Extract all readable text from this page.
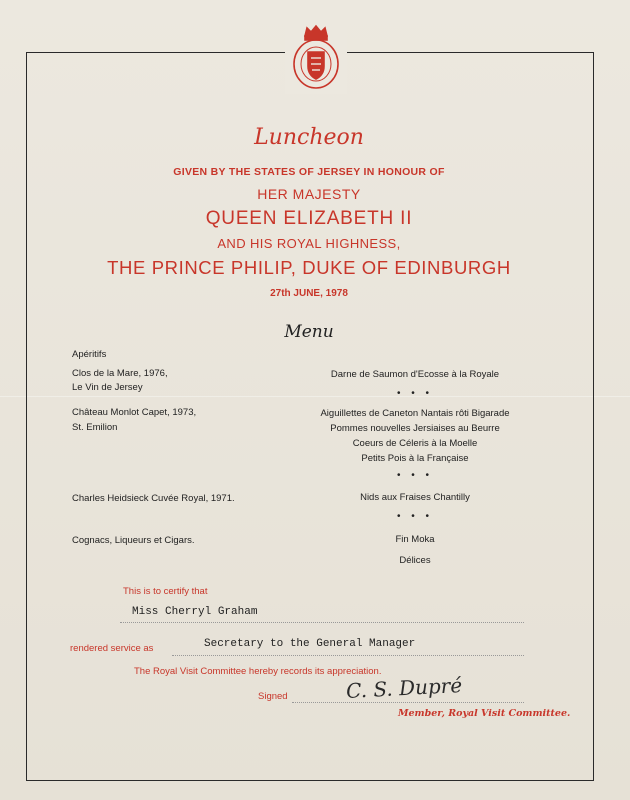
Luncheon
GIVEN BY THE STATES OF JERSEY IN HONOUR OF
HER MAJESTY
QUEEN ELIZABETH II
AND HIS ROYAL HIGHNESS,
THE PRINCE PHILIP, DUKE OF EDINBURGH
27th JUNE, 1978
Menu
Apéritifs
Clos de la Mare, 1976,
Le Vin de Jersey
Château Monlot Capet, 1973,
St. Emilion
Charles Heidsieck Cuvée Royal, 1971.
Cognacs, Liqueurs et Cigars.
Darne de Saumon d'Ecosse à la Royale
• • •
Aiguillettes de Caneton Nantais rôti Bigarade
Pommes nouvelles Jersiaises au Beurre
Coeurs de Céleris à la Moelle
Petits Pois à la Française
• • •
Nids aux Fraises Chantilly
• • •
Fin Moka
Délices
This is to certify that
Miss Cherryl Graham
rendered service as	Secretary to the General Manager
The Royal Visit Committee hereby records its appreciation.
Signed	C. S. Dupré
Member, Royal Visit Committee.
